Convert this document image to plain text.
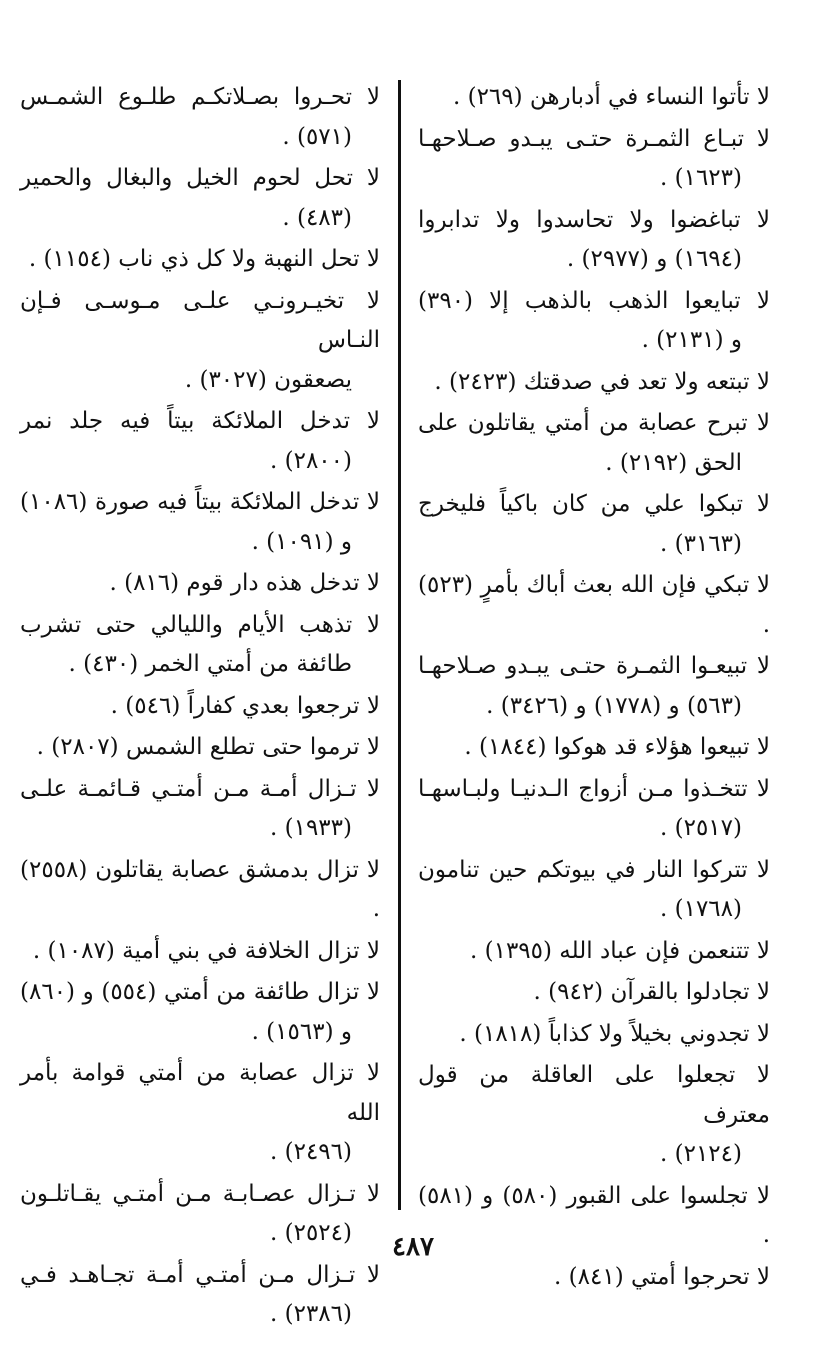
لا تأتوا النساء في أدبارهن (٢٦٩) .
لا تبـاع الثمـرة حتـى يبـدو صـلاحهـا
(١٦٢٣) .
لا تباغضوا ولا تحاسدوا ولا تدابروا
(١٦٩٤) و (٢٩٧٧) .
لا تبايعوا الذهب بالذهب إلا (٣٩٠)
و (٢١٣١) .
لا تبتعه ولا تعد في صدقتك (٢٤٢٣) .
لا تبرح عصابة من أمتي يقاتلون على
الحق (٢١٩٢) .
لا تبكوا علي من كان باكياً فليخرج
(٣١٦٣) .
لا تبكي فإن الله بعث أباك بأمرٍ (٥٢٣) .
لا تبيعـوا الثمـرة حتـى يبـدو صـلاحهـا
(٥٦٣) و (١٧٧٨) و (٣٤٢٦) .
لا تبيعوا هؤلاء قد هوكوا (١٨٤٤) .
لا تتخـذوا مـن أزواج الـدنيـا ولبـاسهـا
(٢٥١٧) .
لا تتركوا النار في بيوتكم حين تنامون
(١٧٦٨) .
لا تتنعمن فإن عباد الله (١٣٩٥) .
لا تجادلوا بالقرآن (٩٤٢) .
لا تجدوني بخيلاً ولا كذاباً (١٨١٨) .
لا تجعلوا على العاقلة من قول معترف
(٢١٢٤) .
لا تجلسوا على القبور (٥٨٠) و (٥٨١) .
لا تحرجوا أمتي (٨٤١) .
لا تحـروا بصـلاتكـم طلـوع الشمـس
(٥٧١) .
لا تحل لحوم الخيل والبغال والحمير
(٤٨٣) .
لا تحل النهبة ولا كل ذي ناب (١١٥٤) .
لا تخيـرونـي علـى مـوسـى فـإن النـاس
يصعقون (٣٠٢٧) .
لا تدخل الملائكة بيتاً فيه جلد نمر
(٢٨٠٠) .
لا تدخل الملائكة بيتاً فيه صورة (١٠٨٦)
و (١٠٩١) .
لا تدخل هذه دار قوم (٨١٦) .
لا تذهب الأيام والليالي حتى تشرب
طائفة من أمتي الخمر (٤٣٠) .
لا ترجعوا بعدي كفاراً (٥٤٦) .
لا ترموا حتى تطلع الشمس (٢٨٠٧) .
لا تـزال أمـة مـن أمتـي قـائمـة علـى
(١٩٣٣) .
لا تزال بدمشق عصابة يقاتلون (٢٥٥٨) .
لا تزال الخلافة في بني أمية (١٠٨٧) .
لا تزال طائفة من أمتي (٥٥٤) و (٨٦٠)
و (١٥٦٣) .
لا تزال عصابة من أمتي قوامة بأمر الله
(٢٤٩٦) .
لا تـزال عصـابـة مـن أمتـي يقـاتلـون
(٢٥٢٤) .
لا تـزال مـن أمتـي أمـة تجـاهـد فـي
(٢٣٨٦) .
٤٨٧
